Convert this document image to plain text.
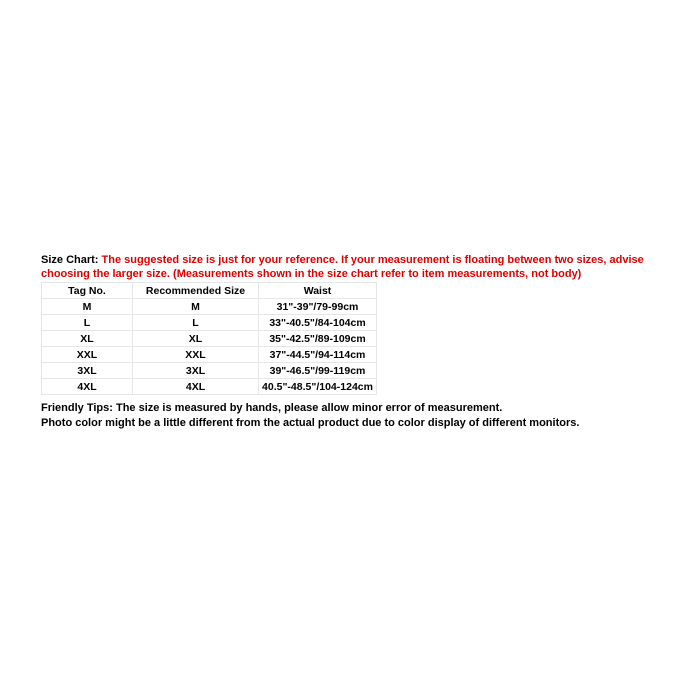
Size Chart: The suggested size is just for your reference. If your measurement is floating between two sizes, advise choosing the larger size. (Measurements shown in the size chart refer to item measurements, not body)

Tag No.	Recommended Size	Waist
M	M	31"-39"/79-99cm
L	L	33"-40.5"/84-104cm
XL	XL	35"-42.5"/89-109cm
XXL	XXL	37"-44.5"/94-114cm
3XL	3XL	39"-46.5"/99-119cm
4XL	4XL	40.5"-48.5"/104-124cm

Friendly Tips: The size is measured by hands, please allow minor error of measurement.

Photo color might be a little different from the actual product due to color display of different monitors.
